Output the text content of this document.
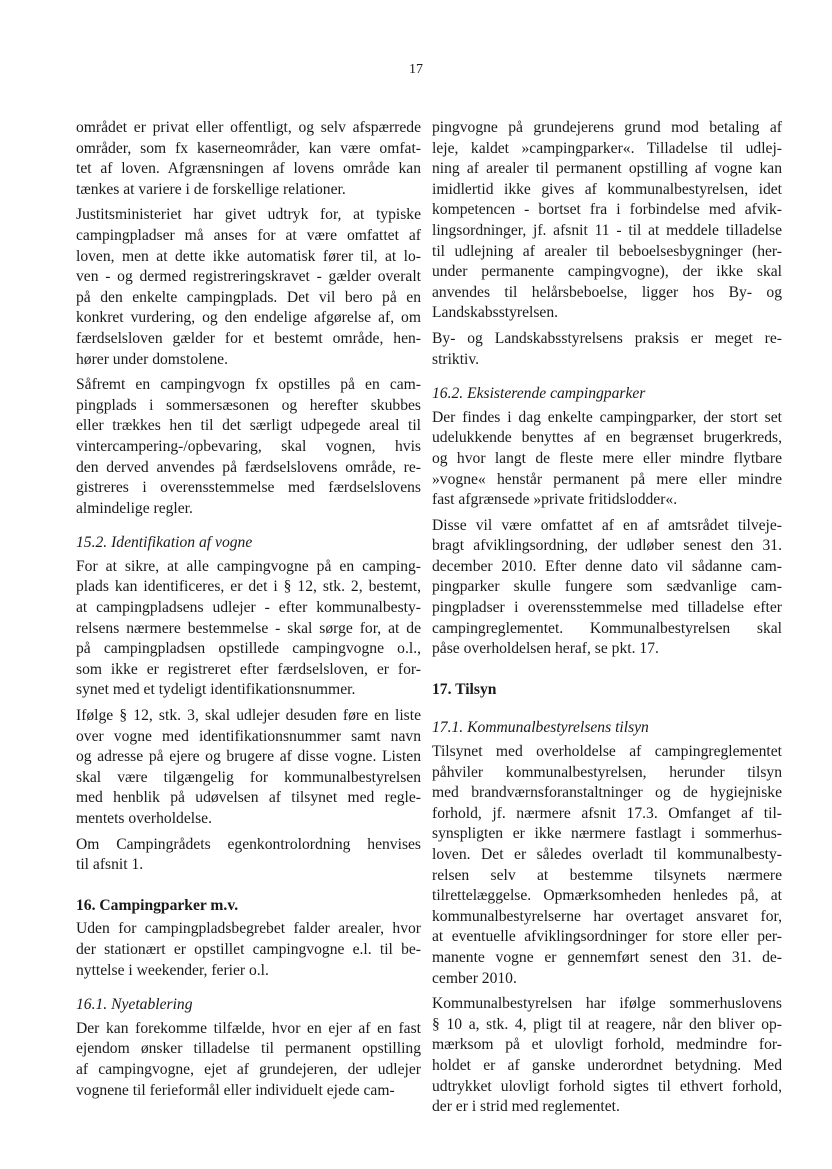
17

området er privat eller offentligt, og selv afspærrede
områder, som fx kaserneområder, kan være omfat-
tet af loven. Afgrænsningen af lovens område kan
tænkes at variere i de forskellige relationer.

Justitsministeriet har givet udtryk for, at typiske
campingpladser må anses for at være omfattet af
loven, men at dette ikke automatisk fører til, at lo-
ven - og dermed registreringskravet - gælder overalt
på den enkelte campingplads. Det vil bero på en
konkret vurdering, og den endelige afgørelse af, om
færdselsloven gælder for et bestemt område, hen-
hører under domstolene.

Såfremt en campingvogn fx opstilles på en cam-
pingplads i sommersæsonen og herefter skubbes
eller trækkes hen til det særligt udpegede areal til
vintercampering-/opbevaring, skal vognen, hvis
den derved anvendes på færdselslovens område, re-
gistreres i overensstemmelse med færdselslovens
almindelige regler.

15.2. Identifikation af vogne

For at sikre, at alle campingvogne på en camping-
plads kan identificeres, er det i § 12, stk. 2, bestemt,
at campingpladsens udlejer - efter kommunalbesty-
relsens nærmere bestemmelse - skal sørge for, at de
på campingpladsen opstillede campingvogne o.l.,
som ikke er registreret efter færdselsloven, er for-
synet med et tydeligt identifikationsnummer.

Ifølge § 12, stk. 3, skal udlejer desuden føre en liste
over vogne med identifikationsnummer samt navn
og adresse på ejere og brugere af disse vogne. Listen
skal være tilgængelig for kommunalbestyrelsen
med henblik på udøvelsen af tilsynet med regle-
mentets overholdelse.

Om Campingrådets egenkontrolordning henvises
til afsnit 1.

16. Campingparker m.v.

Uden for campingpladsbegrebet falder arealer, hvor
der stationært er opstillet campingvogne e.l. til be-
nyttelse i weekender, ferier o.l.

16.1. Nyetablering

Der kan forekomme tilfælde, hvor en ejer af en fast
ejendom ønsker tilladelse til permanent opstilling
af campingvogne, ejet af grundejeren, der udlejer
vognene til ferieformål eller individuelt ejede cam-

pingvogne på grundejerens grund mod betaling af
leje, kaldet »campingparker«. Tilladelse til udlej-
ning af arealer til permanent opstilling af vogne kan
imidlertid ikke gives af kommunalbestyrelsen, idet
kompetencen - bortset fra i forbindelse med afvik-
lingsordninger, jf. afsnit 11 - til at meddele tilladelse
til udlejning af arealer til beboelsesbygninger (her-
under permanente campingvogne), der ikke skal
anvendes til helårsbeboelse, ligger hos By- og
Landskabsstyrelsen.

By- og Landskabsstyrelsens praksis er meget re-
striktiv.

16.2. Eksisterende campingparker

Der findes i dag enkelte campingparker, der stort set
udelukkende benyttes af en begrænset brugerkreds,
og hvor langt de fleste mere eller mindre flytbare
»vogne« henstår permanent på mere eller mindre
fast afgrænsede »private fritidslodder«.

Disse vil være omfattet af en af amtsrådet tilveje-
bragt afviklingsordning, der udløber senest den 31.
december 2010. Efter denne dato vil sådanne cam-
pingparker skulle fungere som sædvanlige cam-
pingpladser i overensstemmelse med tilladelse efter
campingreglementet. Kommunalbestyrelsen skal
påse overholdelsen heraf, se pkt. 17.

17. Tilsyn
17.1. Kommunalbestyrelsens tilsyn

Tilsynet med overholdelse af campingreglementet
påhviler kommunalbestyrelsen, herunder tilsyn
med brandværnsforanstaltninger og de hygiejniske
forhold, jf. nærmere afsnit 17.3. Omfanget af til-
synspligten er ikke nærmere fastlagt i sommerhus-
loven. Det er således overladt til kommunalbesty-
relsen selv at bestemme tilsynets nærmere
tilrettelæggelse. Opmærksomheden henledes på, at
kommunalbestyrelserne har overtaget ansvaret for,
at eventuelle afviklingsordninger for store eller per-
manente vogne er gennemført senest den 31. de-
cember 2010.

Kommunalbestyrelsen har ifølge sommerhuslovens
§ 10 a, stk. 4, pligt til at reagere, når den bliver op-
mærksom på et ulovligt forhold, medmindre for-
holdet er af ganske underordnet betydning. Med
udtrykket ulovligt forhold sigtes til ethvert forhold,
der er i strid med reglementet.
